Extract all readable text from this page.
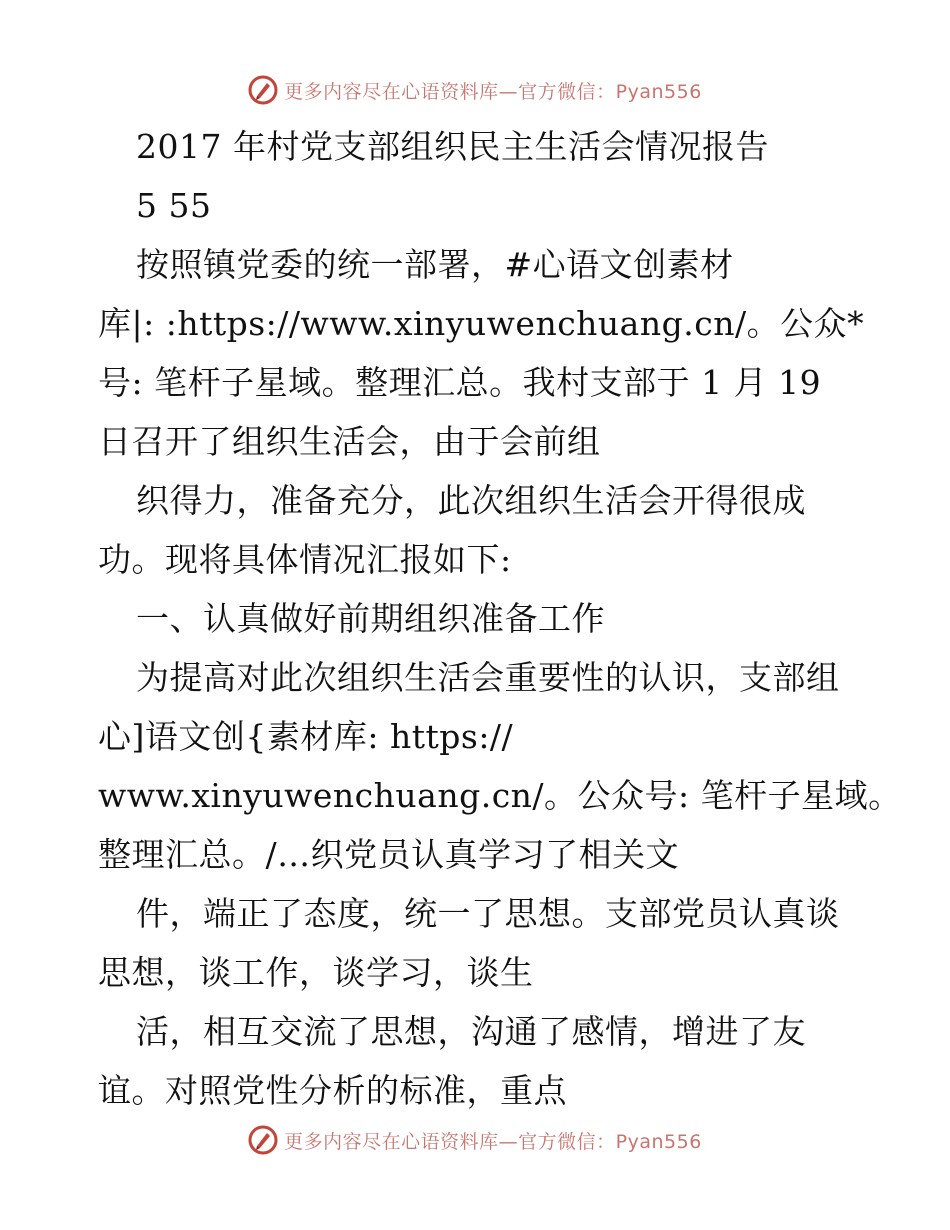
更多内容尽在心语资料库—官方微信：Pyan556
2017 年村党支部组织民主生活会情况报告
5 55
按照镇党委的统一部署，#心语文创素材
库|: :https://www.xinyuwenchuang.cn/。公众*
号: 笔杆子星域。整理汇总。我村支部于 1 月 19
日召开了组织生活会，由于会前组
织得力，准备充分，此次组织生活会开得很成
功。现将具体情况汇报如下:
一、认真做好前期组织准备工作
为提高对此次组织生活会重要性的认识，支部组
心]语文创{素材库: https://
www.xinyuwenchuang.cn/。公众号: 笔杆子星域。
整理汇总。/…织党员认真学习了相关文
件，端正了态度，统一了思想。支部党员认真谈
思想，谈工作，谈学习，谈生
活，相互交流了思想，沟通了感情，增进了友
谊。对照党性分析的标准，重点
更多内容尽在心语资料库—官方微信：Pyan556
